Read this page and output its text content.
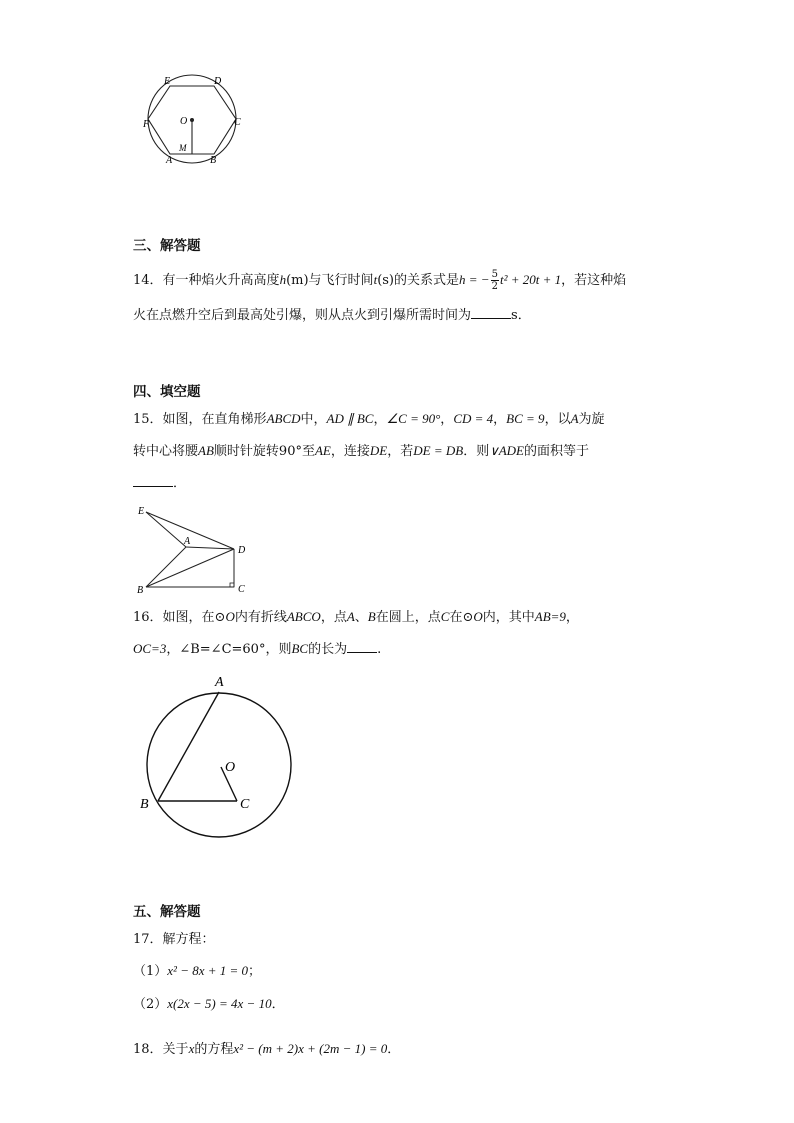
E	D
F	O	C
M
A	B
三、解答题
14．有一种焰火升高高度h(m)与飞行时间t(s)的关系式是h = − $\frac{5}{2} t^2 + 20t + 1$，若这种焰
火在点燃升空后到最高处引爆，则从点火到引爆所需时间为	s．
四、填空题
15．如图，在直角梯形ABCD中，AD ∥ BC，∠C = 90°，CD = 4，BC = 9，以A为旋
转中心将腰AB顺时针旋转90°至AE，连接DE，若DE = DB．则∨ADE的面积等于
．
E
A
D
B	C
16．如图，在⊙O内有折线ABCO，点A、B在圆上，点C在⊙O内，其中AB=9，
OC=3，∠B=∠C=60°，则BC的长为 .
A
O
B	C
五、解答题
17．解方程：
（1）x² − 8x + 1 = 0；
（2）x(2x − 5) = 4x − 10．
18．关于x的方程x² − (m + 2)x + (2m − 1) = 0．
